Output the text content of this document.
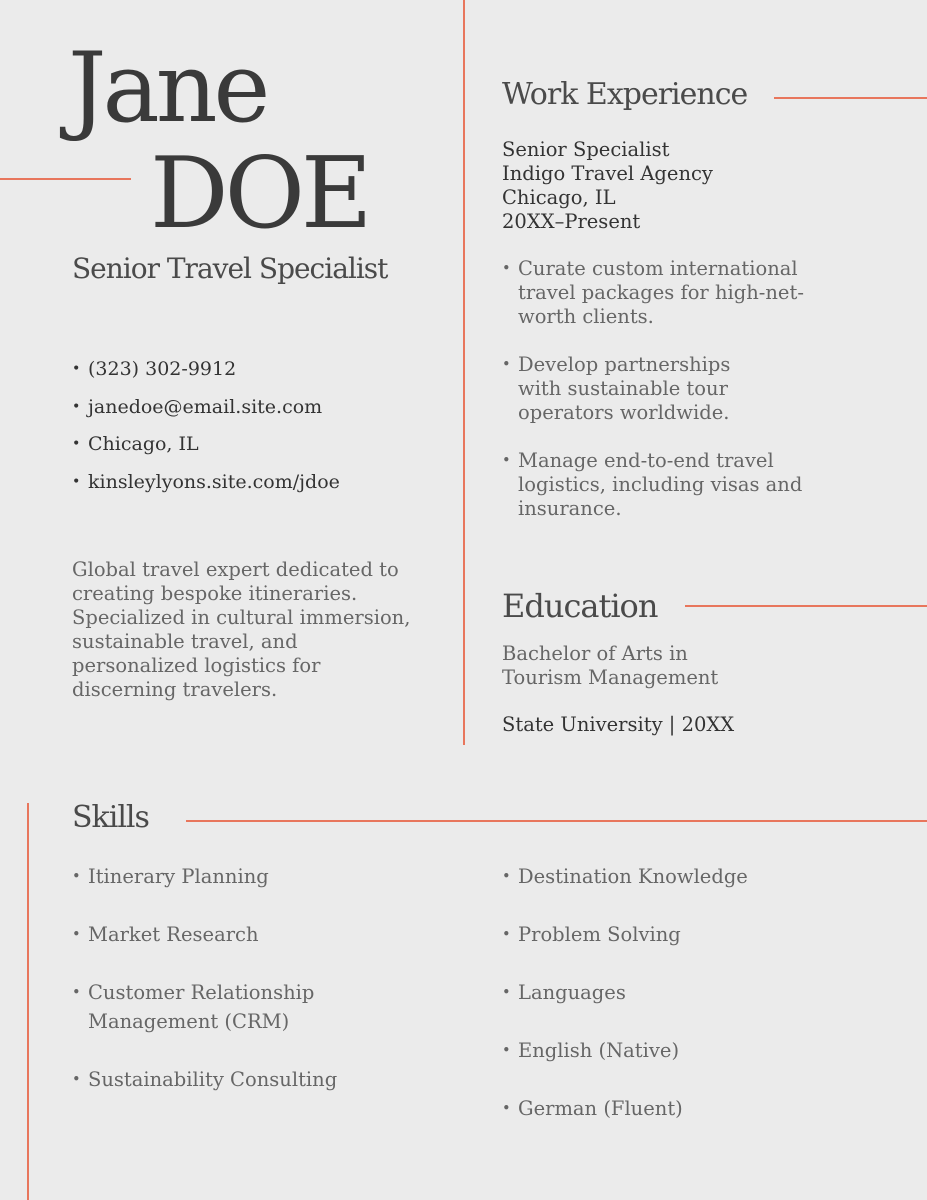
Jane
DOE
Senior Travel Specialist
• (323) 302-9912
• janedoe@email.site.com
• Chicago, IL
• kinsleylyons.site.com/jdoe
Global travel expert dedicated to creating bespoke itineraries. Specialized in cultural immersion, sustainable travel, and personalized logistics for discerning travelers.
Work Experience
Senior Specialist
Indigo Travel Agency
Chicago, IL
20XX–Present
• Curate custom international travel packages for high-net-worth clients.
• Develop partnerships with sustainable tour operators worldwide.
• Manage end-to-end travel logistics, including visas and insurance.
Education
Bachelor of Arts in Tourism Management
State University | 20XX
Skills
• Itinerary Planning
• Market Research
• Customer Relationship Management (CRM)
• Sustainability Consulting
• Destination Knowledge
• Problem Solving
• Languages
• English (Native)
• German (Fluent)
